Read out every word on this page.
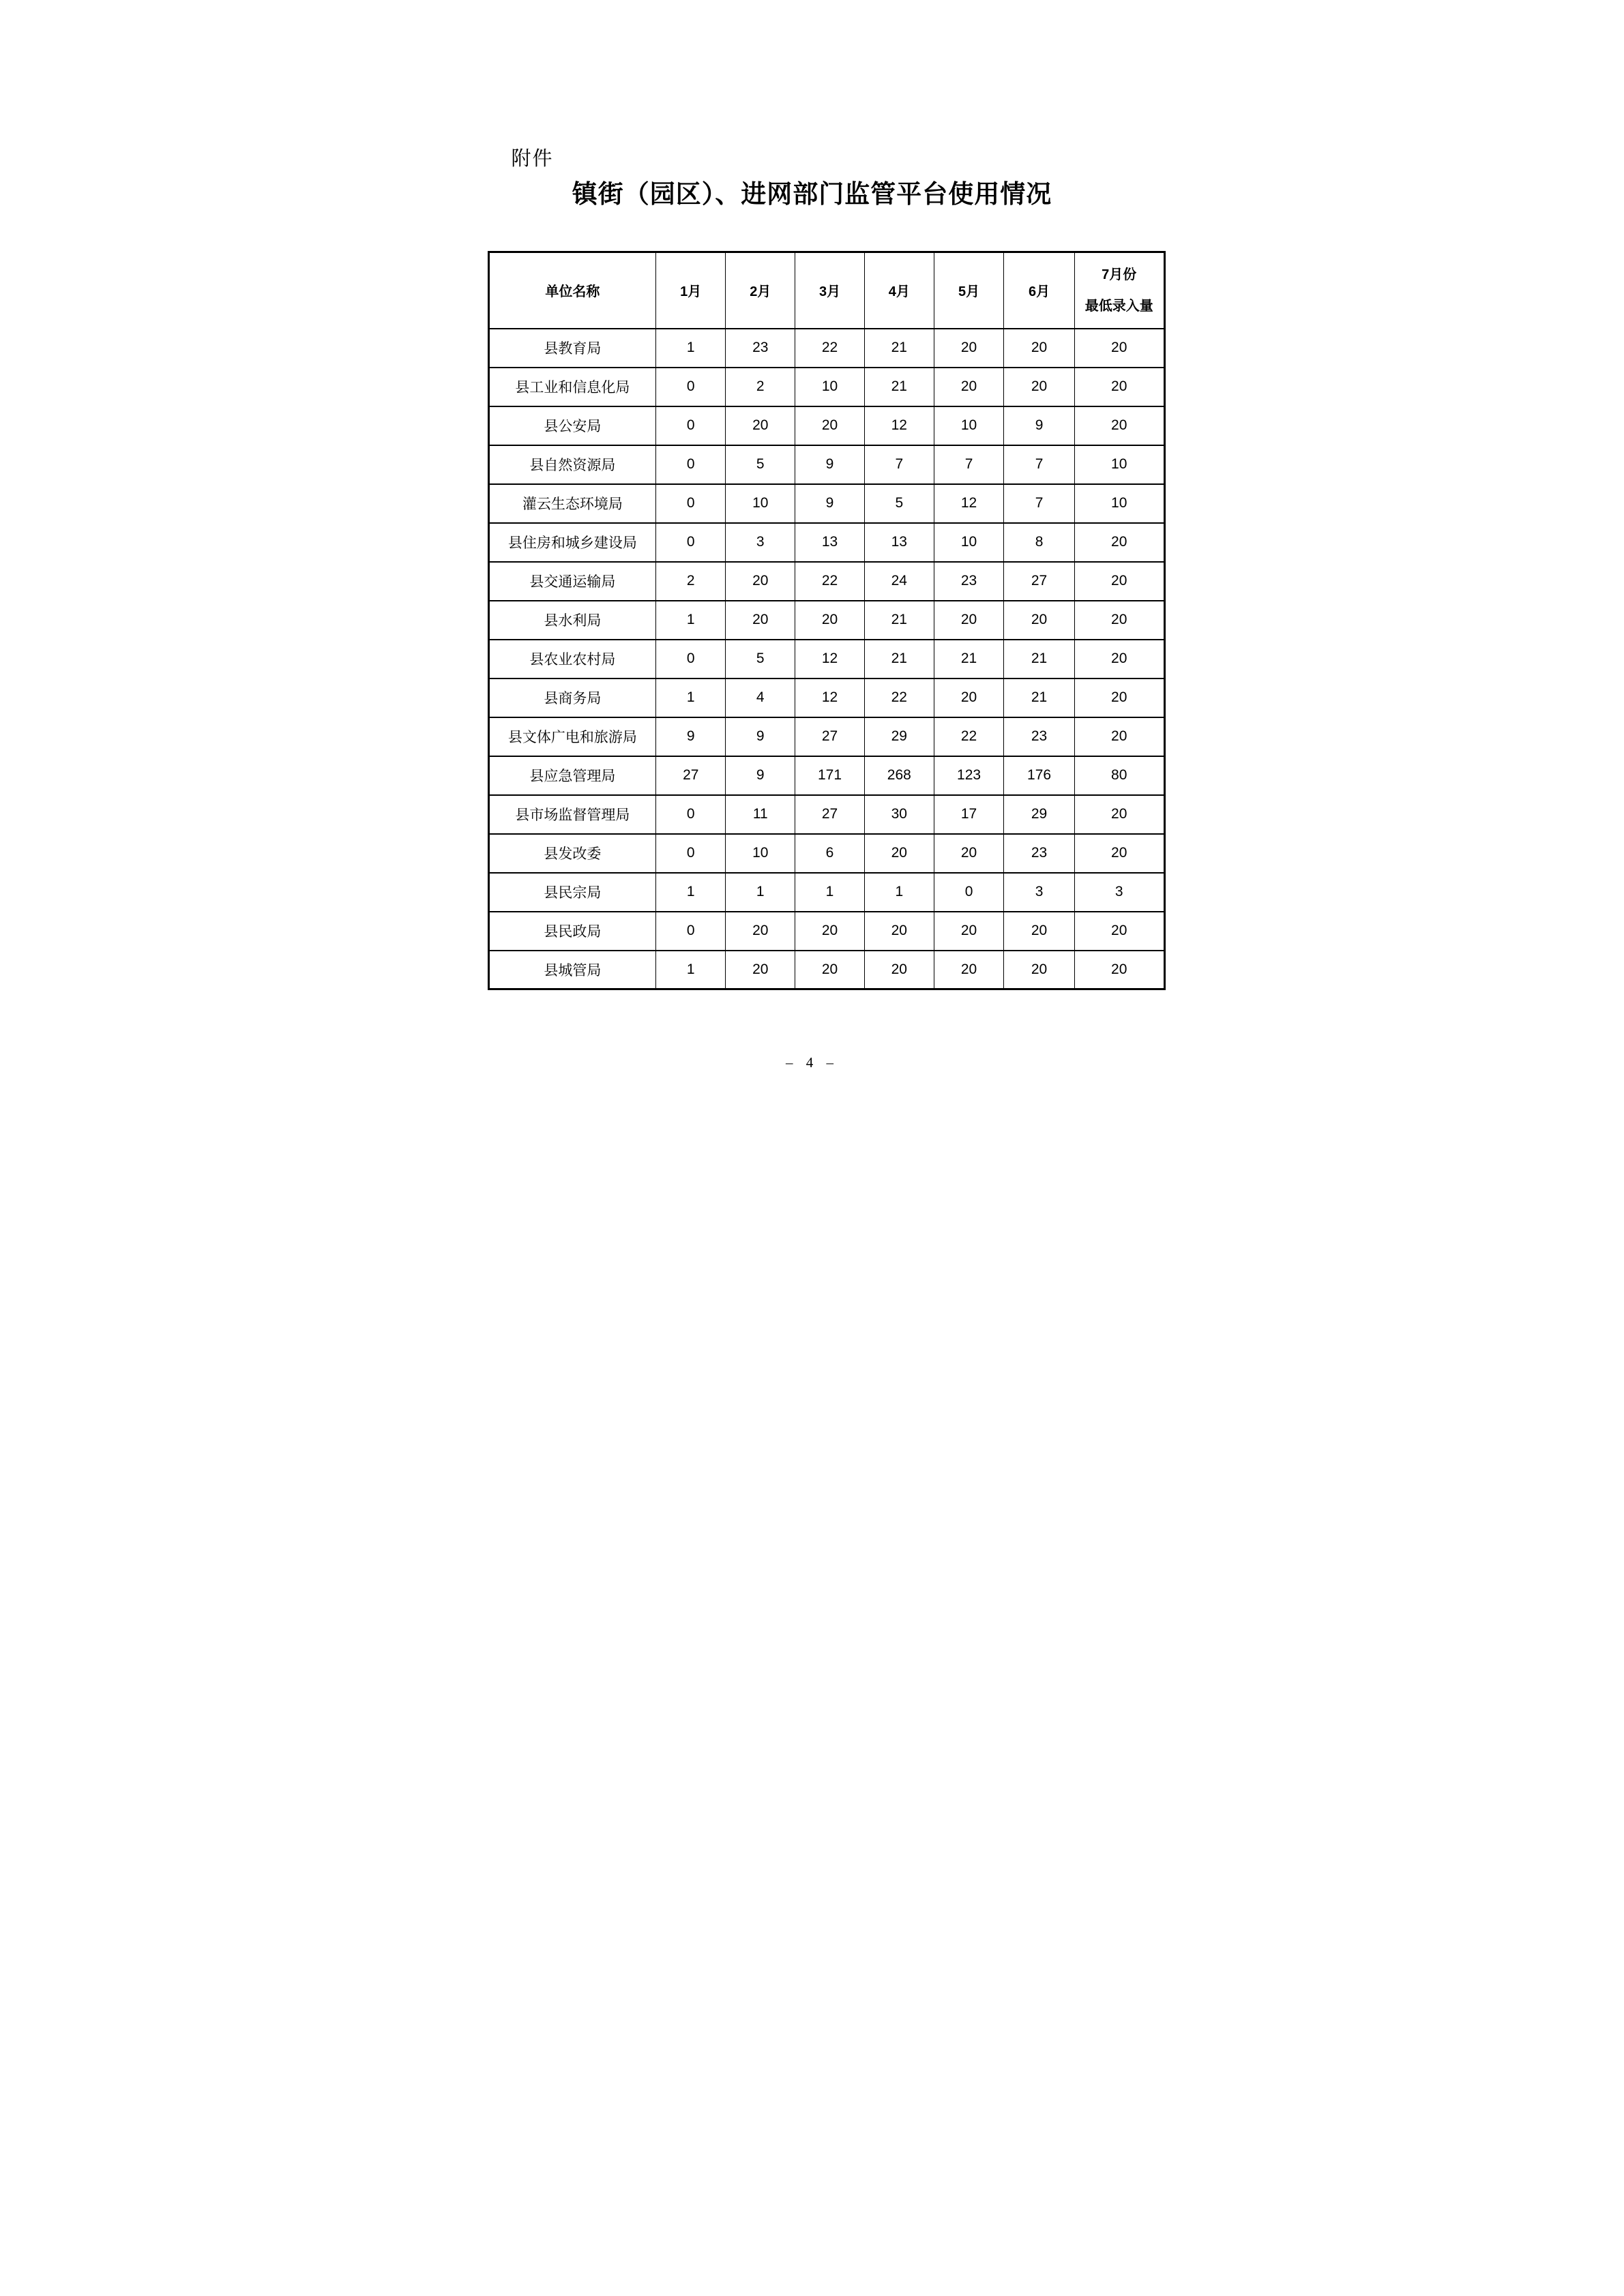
附件
镇街（园区）、进网部门监管平台使用情况
单位名称	1月	2月	3月	4月	5月	6月	7月份
最低录入量

县教育局	1	23	22	21	20	20	20
县工业和信息化局	0	2	10	21	20	20	20
县公安局	0	20	20	12	10	9	20
县自然资源局	0	5	9	7	7	7	10
灌云生态环境局	0	10	9	5	12	7	10
县住房和城乡建设局	0	3	13	13	10	8	20
县交通运输局	2	20	22	24	23	27	20
县水利局	1	20	20	21	20	20	20
县农业农村局	0	5	12	21	21	21	20
县商务局	1	4	12	22	20	21	20
县文体广电和旅游局	9	9	27	29	22	23	20
县应急管理局	27	9	171	268	123	176	80
县市场监督管理局	0	11	27	30	17	29	20
县发改委	0	10	6	20	20	23	20
县民宗局	1	1	1	1	0	3	3
县民政局	0	20	20	20	20	20	20
县城管局	1	20	20	20	20	20	20
– 4 –
